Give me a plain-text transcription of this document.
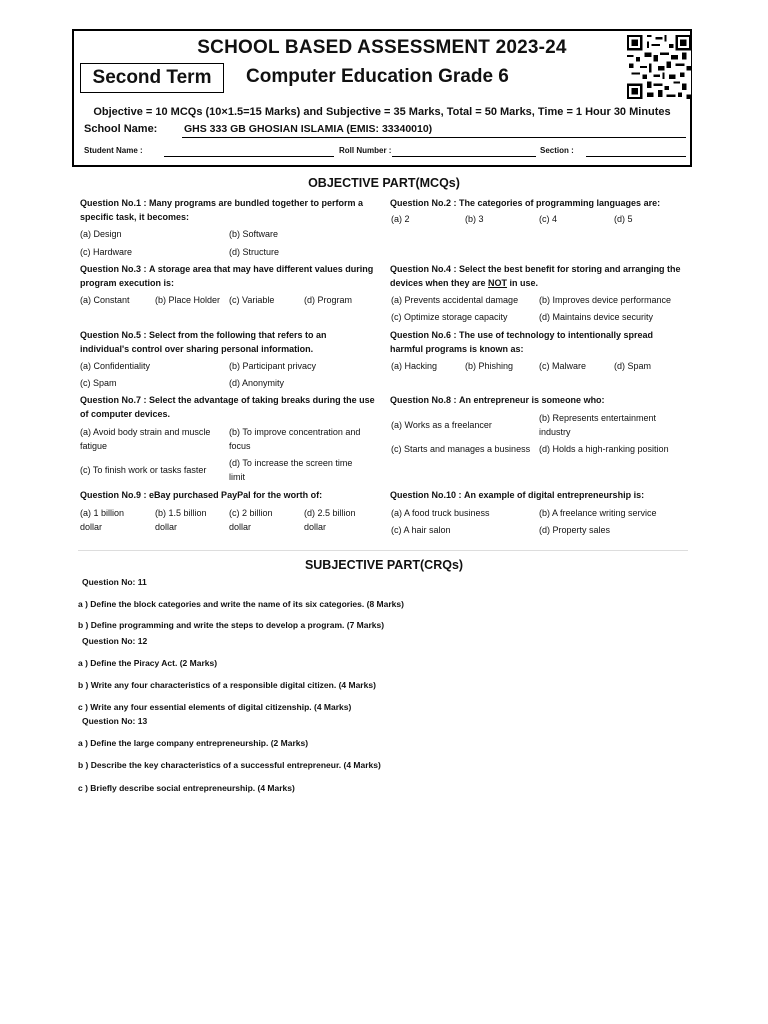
SCHOOL BASED ASSESSMENT 2023-24
Second Term	Computer Education Grade 6
Objective = 10 MCQs (10×1.5=15 Marks) and Subjective = 35 Marks, Total = 50 Marks, Time = 1 Hour 30 Minutes
School Name:	GHS 333 GB GHOSIAN ISLAMIA (EMIS: 33340010)
Student Name :	Roll Number :	Section :
OBJECTIVE PART(MCQs)
Question No.1 : Many programs are bundled together to perform a specific task, it becomes:
(a) Design	(b) Software
(c) Hardware	(d) Structure
Question No.2 : The categories of programming languages are:
(a) 2	(b) 3	(c) 4	(d) 5
Question No.3 : A storage area that may have different values during program execution is:
(a) Constant	(b) Place Holder (c) Variable	(d) Program
Question No.4 : Select the best benefit for storing and arranging the devices when they are NOT in use.
(a) Prevents accidental damage (b) Improves device performance
(c) Optimize storage capacity	(d) Maintains device security
Question No.5 : Select from the following that refers to an individual's control over sharing personal information.
(a) Confidentiality	(b) Participant privacy
(c) Spam	(d) Anonymity
Question No.6 : The use of technology to intentionally spread harmful programs is known as:
(a) Hacking	(b) Phishing	(c) Malware	(d) Spam
Question No.7 : Select the advantage of taking breaks during the use of computer devices.
(a) Avoid body strain and muscle fatigue
(b) To improve concentration and focus
(c) To finish work or tasks faster
(d) To increase the screen time limit
Question No.8 : An entrepreneur is someone who:
(a) Works as a freelancer
(b) Represents entertainment industry
(c) Starts and manages a business (d) Holds a high-ranking position
Question No.9 : eBay purchased PayPal for the worth of:
(a) 1 billion dollar
(b) 1.5 billion dollar
(c) 2 billion dollar
(d) 2.5 billion dollar
Question No.10 : An example of digital entrepreneurship is:
(a) A food truck business	(b) A freelance writing service
(c) A hair salon	(d) Property sales
SUBJECTIVE PART(CRQs)
Question No: 11
a ) Define the block categories and write the name of its six categories. (8 Marks)
b ) Define programming and write the steps to develop a program. (7 Marks)
Question No: 12
a ) Define the Piracy Act. (2 Marks)
b ) Write any four characteristics of a responsible digital citizen. (4 Marks)
c ) Write any four essential elements of digital citizenship. (4 Marks)
Question No: 13
a ) Define the large company entrepreneurship. (2 Marks)
b ) Describe the key characteristics of a successful entrepreneur. (4 Marks)
c ) Briefly describe social entrepreneurship. (4 Marks)
